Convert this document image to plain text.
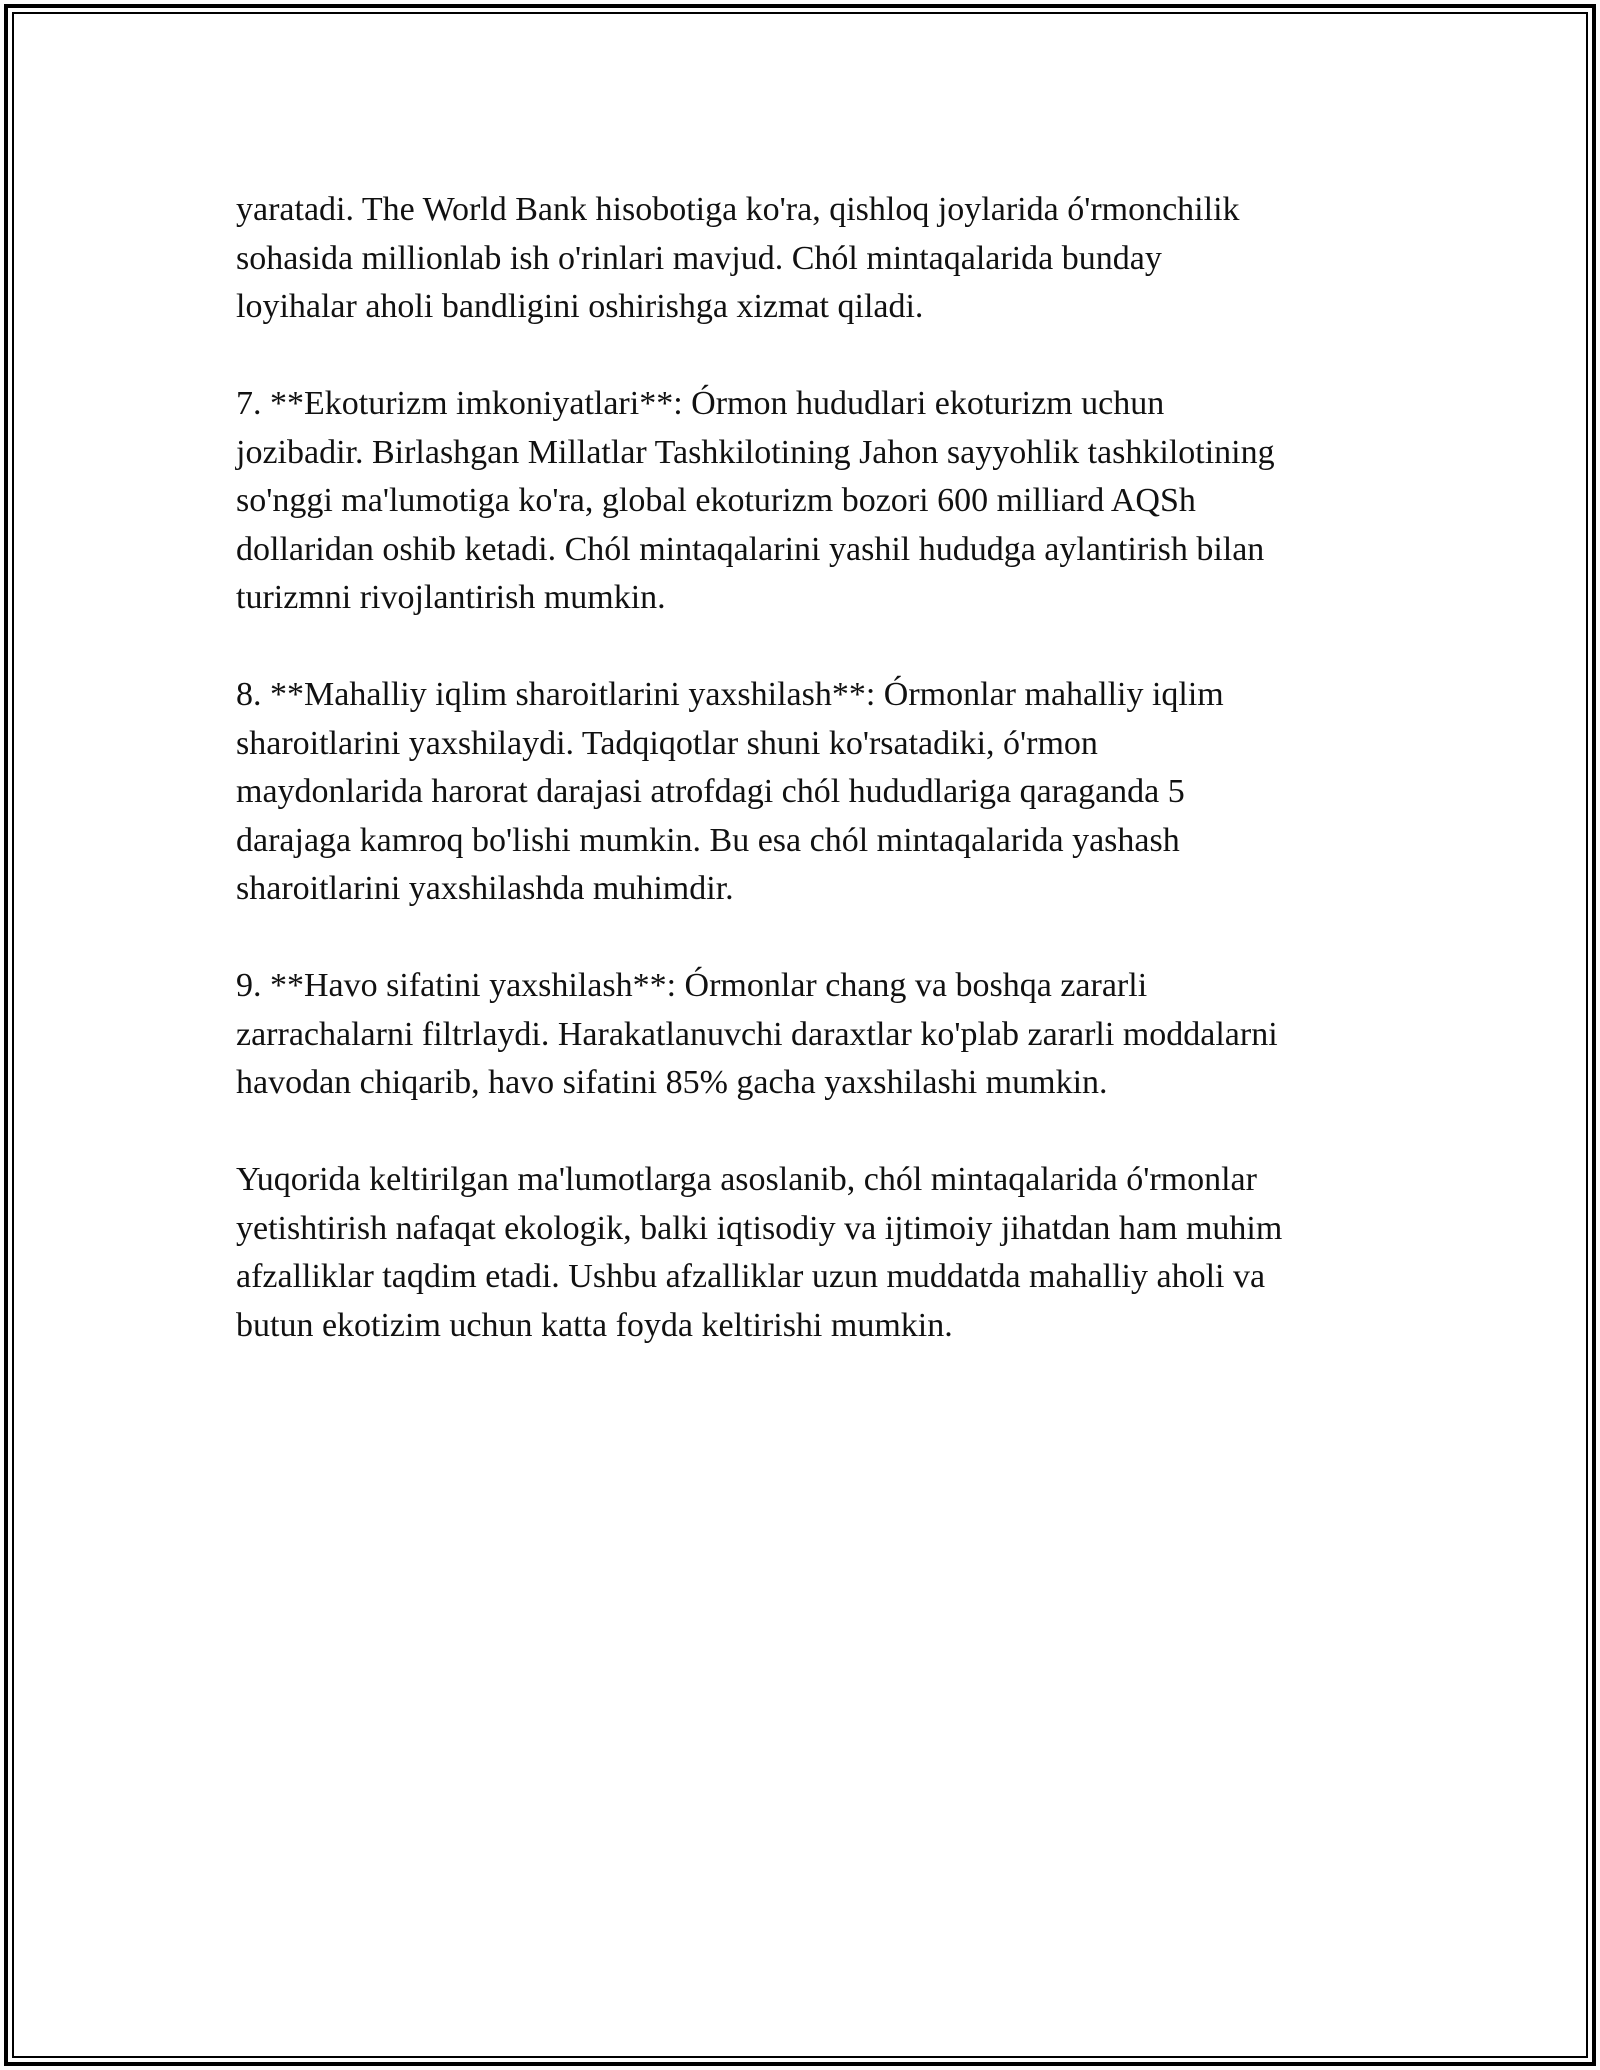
yaratadi. The World Bank hisobotiga ko'ra, qishloq joylarida ó'rmonchilik
sohasida millionlab ish o'rinlari mavjud. Chól mintaqalarida bunday
loyihalar aholi bandligini oshirishga xizmat qiladi.

7. **Ekoturizm imkoniyatlari**: Órmon hududlari ekoturizm uchun
jozibadir. Birlashgan Millatlar Tashkilotining Jahon sayyohlik tashkilotining
so'nggi ma'lumotiga ko'ra, global ekoturizm bozori 600 milliard AQSh
dollaridan oshib ketadi. Chól mintaqalarini yashil hududga aylantirish bilan
turizmni rivojlantirish mumkin.

8. **Mahalliy iqlim sharoitlarini yaxshilash**: Órmonlar mahalliy iqlim
sharoitlarini yaxshilaydi. Tadqiqotlar shuni ko'rsatadiki, ó'rmon
maydonlarida harorat darajasi atrofdagi chól hududlariga qaraganda 5
darajaga kamroq bo'lishi mumkin. Bu esa chól mintaqalarida yashash
sharoitlarini yaxshilashda muhimdir.

9. **Havo sifatini yaxshilash**: Órmonlar chang va boshqa zararli
zarrachalarni filtrlaydi. Harakatlanuvchi daraxtlar ko'plab zararli moddalarni
havodan chiqarib, havo sifatini 85% gacha yaxshilashi mumkin.

Yuqorida keltirilgan ma'lumotlarga asoslanib, chól mintaqalarida ó'rmonlar
yetishtirish nafaqat ekologik, balki iqtisodiy va ijtimoiy jihatdan ham muhim
afzalliklar taqdim etadi. Ushbu afzalliklar uzun muddatda mahalliy aholi va
butun ekotizim uchun katta foyda keltirishi mumkin.
